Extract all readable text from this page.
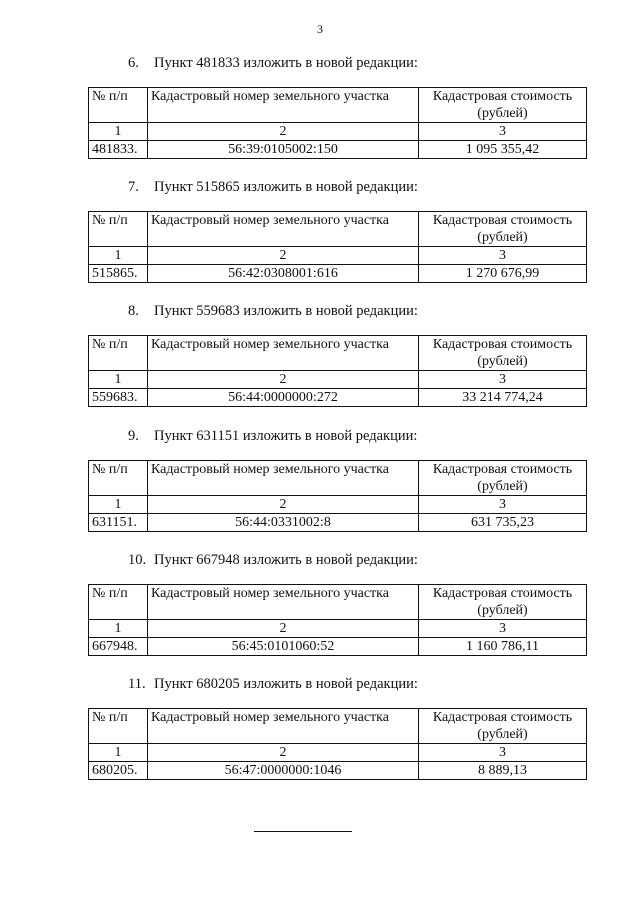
3
6. Пункт 481833 изложить в новой редакции:
№ п/п	Кадастровый номер земельного участка	Кадастровая стоимость (рублей)
1	2	3
481833.	56:39:0105002:150	1 095 355,42
7. Пункт 515865 изложить в новой редакции:
№ п/п	Кадастровый номер земельного участка	Кадастровая стоимость (рублей)
1	2	3
515865.	56:42:0308001:616	1 270 676,99
8. Пункт 559683 изложить в новой редакции:
№ п/п	Кадастровый номер земельного участка	Кадастровая стоимость (рублей)
1	2	3
559683.	56:44:0000000:272	33 214 774,24
9. Пункт 631151 изложить в новой редакции:
№ п/п	Кадастровый номер земельного участка	Кадастровая стоимость (рублей)
1	2	3
631151.	56:44:0331002:8	631 735,23
10. Пункт 667948 изложить в новой редакции:
№ п/п	Кадастровый номер земельного участка	Кадастровая стоимость (рублей)
1	2	3
667948.	56:45:0101060:52	1 160 786,11
11. Пункт 680205 изложить в новой редакции:
№ п/п	Кадастровый номер земельного участка	Кадастровая стоимость (рублей)
1	2	3
680205.	56:47:0000000:1046	8 889,13
